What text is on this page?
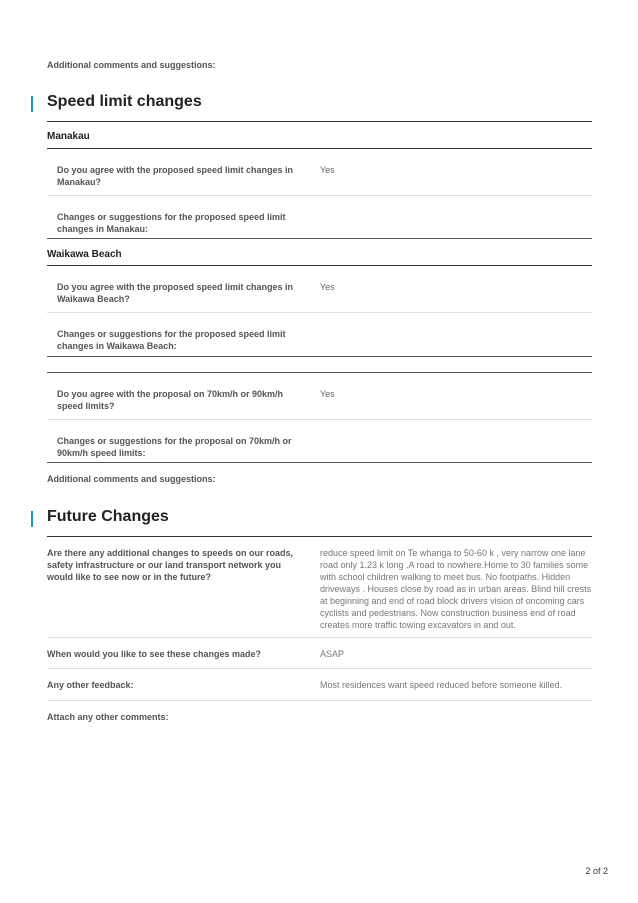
Additional comments and suggestions:
Speed limit changes
Manakau
Do you agree with the proposed speed limit changes in Manakau?
Yes
Changes or suggestions for the proposed speed limit changes in Manakau:
Waikawa Beach
Do you agree with the proposed speed limit changes in Waikawa Beach?
Yes
Changes or suggestions for the proposed speed limit changes in Waikawa Beach:
Do you agree with the proposal on 70km/h or 90km/h speed limits?
Yes
Changes or suggestions for the proposal on 70km/h or 90km/h speed limits:
Additional comments and suggestions:
Future Changes
Are there any additional changes to speeds on our roads, safety infrastructure or our land transport network you would like to see now or in the future?
reduce speed limit on Te whanga to 50-60 k , very narrow one lane road only 1.23 k long .A road to nowhere.Home to 30 families some with school children walking to meet bus. No footpaths. Hidden driveways . Houses close by road as in urban areas. Blind hill crests at beginning and end of road block drivers vision of oncoming cars cyclists and pedestrians. Now construction business end of road creates more traffic towing excavators in and out.
When would you like to see these changes made?	ASAP
Any other feedback:	Most residences want speed reduced before someone killed.
Attach any other comments:
2 of 2
